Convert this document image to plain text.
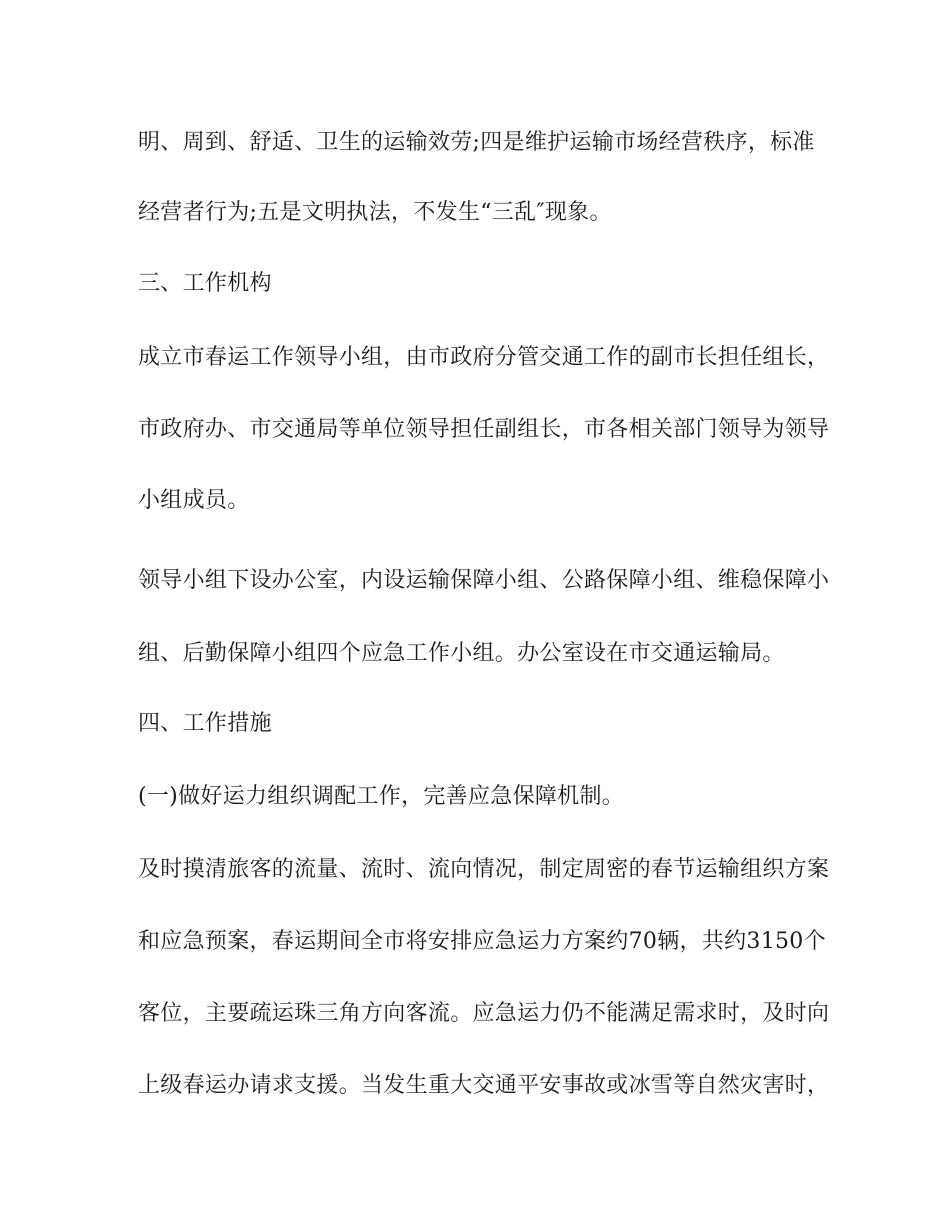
明、周到、舒适、卫生的运输效劳;四是维护运输市场经营秩序，标准
经营者行为;五是文明执法，不发生“三乱″现象。
三、工作机构
成立市春运工作领导小组，由市政府分管交通工作的副市长担任组长，
市政府办、市交通局等单位领导担任副组长，市各相关部门领导为领导
小组成员。
领导小组下设办公室，内设运输保障小组、公路保障小组、维稳保障小
组、后勤保障小组四个应急工作小组。办公室设在市交通运输局。
四、工作措施
(一)做好运力组织调配工作，完善应急保障机制。
及时摸清旅客的流量、流时、流向情况，制定周密的春节运输组织方案
和应急预案，春运期间全市将安排应急运力方案约70辆，共约3150个
客位，主要疏运珠三角方向客流。应急运力仍不能满足需求时，及时向
上级春运办请求支援。当发生重大交通平安事故或冰雪等自然灾害时，
